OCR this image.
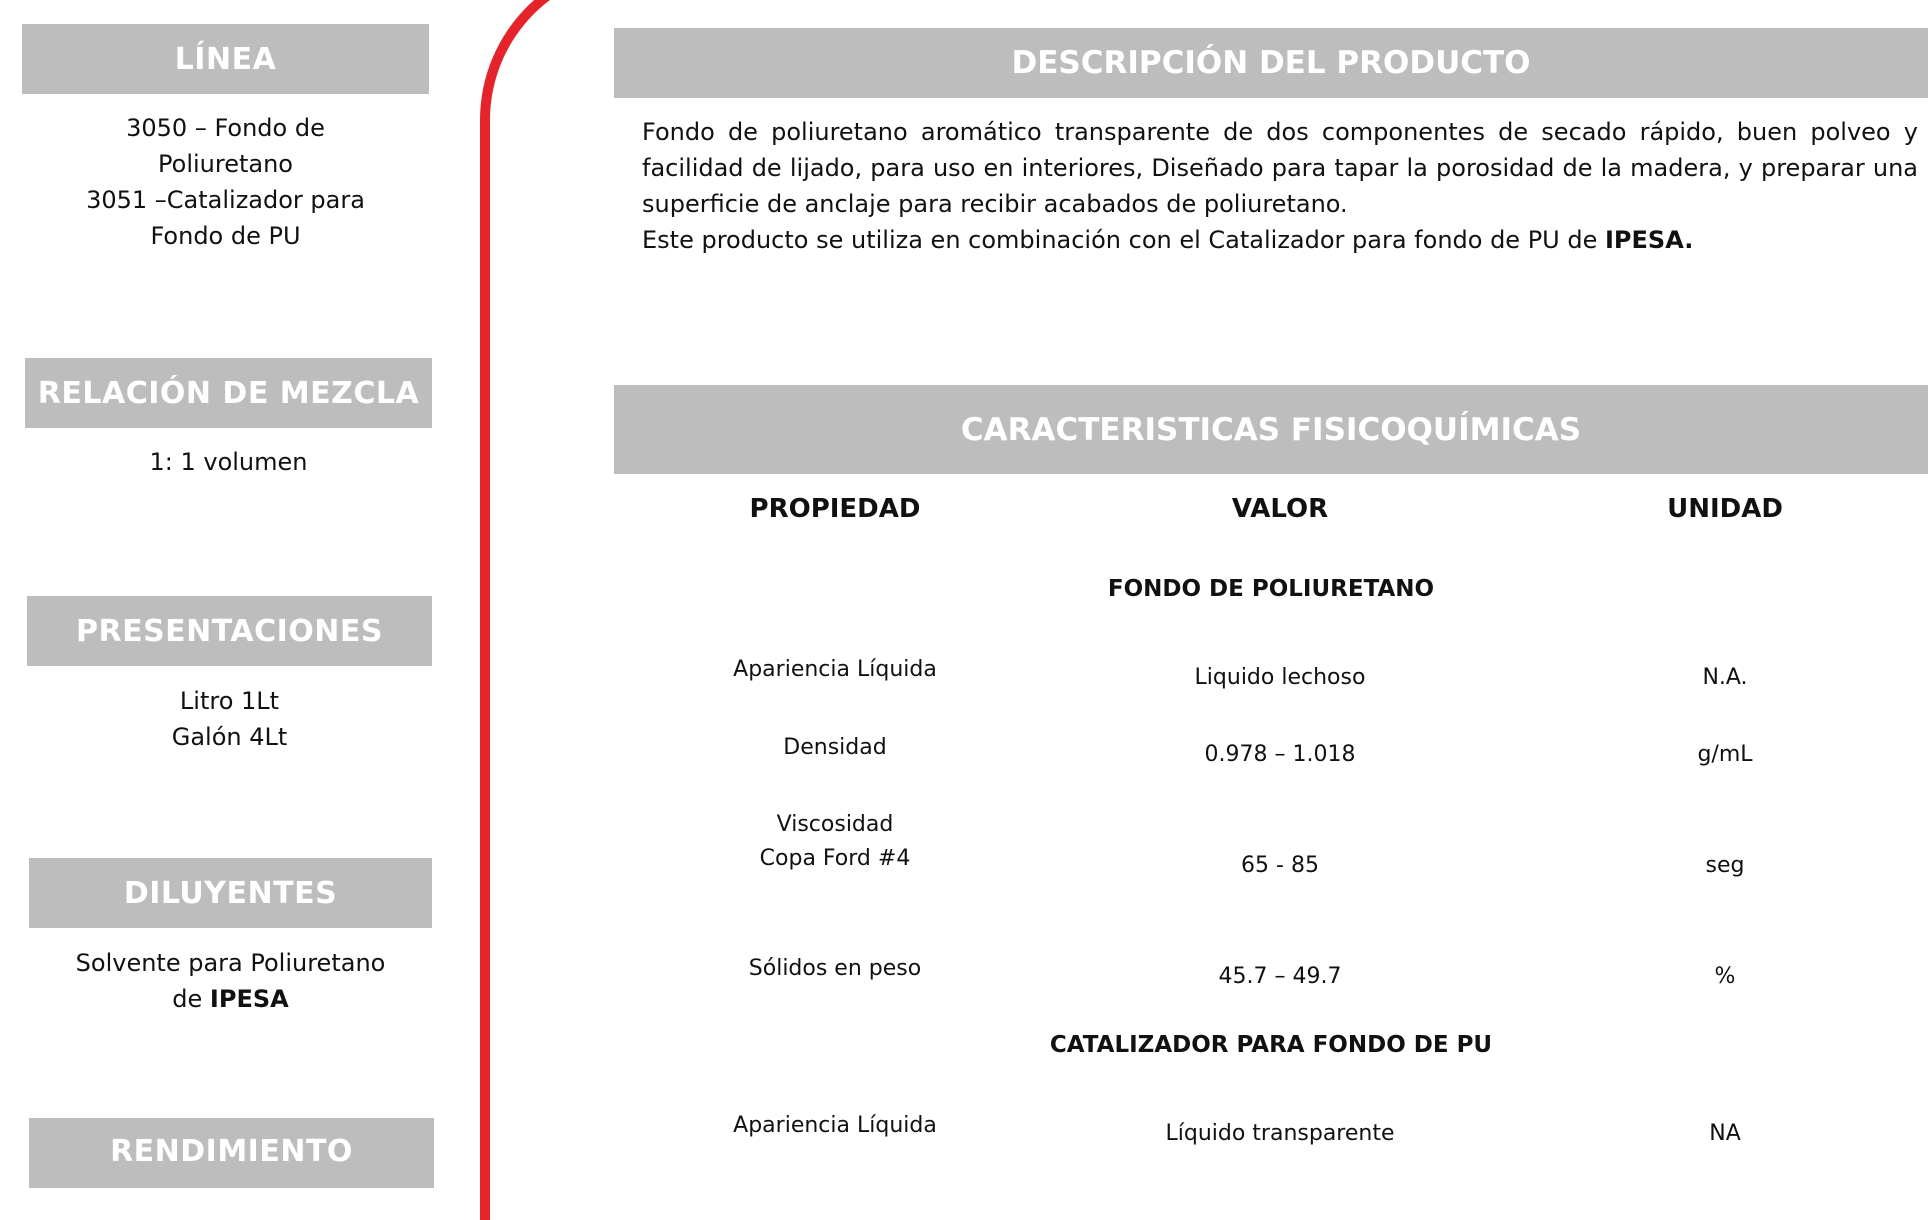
LÍNEA
3050 – Fondo de
Poliuretano
3051 –Catalizador para
Fondo de PU
RELACIÓN DE MEZCLA
1: 1 volumen
PRESENTACIONES
Litro 1Lt
Galón 4Lt
DILUYENTES
Solvente para Poliuretano
de IPESA
RENDIMIENTO
DESCRIPCIÓN DEL PRODUCTO

Fondo de poliuretano aromático transparente de dos componentes de secado rápido, buen polveo y facilidad de lijado, para uso en interiores, Diseñado para tapar la porosidad de la madera, y preparar una superficie de anclaje para recibir acabados de poliuretano.

Este producto se utiliza en combinación con el Catalizador para fondo de PU de IPESA.

CARACTERISTICAS FISICOQUÍMICAS
PROPIEDAD	VALOR	UNIDAD
FONDO DE POLIURETANO
Apariencia Líquida	Liquido lechoso	N.A.
Densidad	0.978 – 1.018	g/mL
Viscosidad
Copa Ford #4	65 - 85	seg
Sólidos en peso	45.7 – 49.7	%
CATALIZADOR PARA FONDO DE PU
Apariencia Líquida	Líquido transparente	NA
